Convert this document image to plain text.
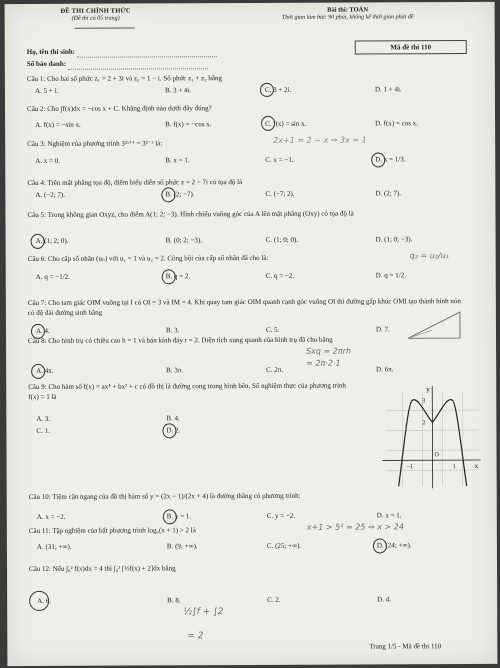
ĐỀ THI CHÍNH THỨC
(Đề thi có 05 trang)
Bài thi: TOÁN
Thời gian làm bài: 90 phút, không kể thời gian phát đề
Họ, tên thí sinh:
Số báo danh:
Mã đề thi 110
Câu 1: Cho hai số phức z₁ = 2 + 3i và z₂ = 1 − i. Số phức z₁ + z₂ bằng
A. 5 + i.	B. 3 + 4i.	C. 3 + 2i.	D. 1 + 4i.
Câu 2: Cho ∫f(x)dx = −cos x + C. Khẳng định nào dưới đây đúng?
A. f(x) = −sin x.	B. f(x) = −cos x.	C. f(x) = sin x.	D. f(x) = cos x.
Câu 3: Nghiệm của phương trình 3²ˣ⁺¹ = 3²⁻ˣ là:	2x+1 = 2 − x ⇒ 3x = 1
A. x = 0.	B. x = 1.	C. x = −1.	D. x = 1/3.
Câu 4: Trên mặt phẳng tọa độ, điểm biểu diễn số phức z = 2 − 7i có tọa độ là
A. (−2; 7).	B. (2; −7).	C. (−7; 2).	D. (2; 7).
Câu 5: Trong không gian Oxyz, cho điểm A(1; 2; −3). Hình chiếu vuông góc của A lên mặt phẳng (Oxy) có tọa độ là
A. (1; 2; 0).	B. (0; 2; −3).	C. (1; 0; 0).	D. (1; 0; −3).
Câu 6: Cho cấp số nhân (uₙ) với u₁ = 1 và u₂ = 2. Công bội của cấp số nhân đã cho là:	q₂ = u₂/u₁
A. q = −1/2.	B. q = 2.	C. q = −2.	D. q = 1/2.
Câu 7: Cho tam giác OIM vuông tại I có OI = 3 và IM = 4. Khi quay tam giác OIM quanh cạnh góc vuông OI thì đường gấp khúc OMI tạo thành hình nón có độ dài đường sinh bằng
A. 4.	B. 3.	C. 5.	D. 7.
Câu 8: Cho hình trụ có chiều cao h = 1 và bán kính đáy r = 2. Diện tích xung quanh của hình trụ đã cho bằng
Sxq = 2πrh
= 2π·2·1
A. 4π.	B. 3π.	C. 2π.	D. 6π.
Câu 9: Cho hàm số f(x) = ax⁴ + bx² + c có đồ thị là đường cong trong hình bên. Số nghiệm thực của phương trình f(x) = 1 là
A. 3.	B. 4.
C. 1.	D. 2.
y
x
3
2
O
−1	1
Câu 10: Tiệm cận ngang của đồ thị hàm số y = (2x − 1)/(2x + 4) là đường thẳng có phương trình:
A. x = −2.	B. y = 1.	C. y = −2.	D. x = 1.
Câu 11: Tập nghiệm của bất phương trình log₅(x + 1) > 2 là	x+1 > 5² = 25 ⇒ x > 24
A. (31; +∞).	B. (9; +∞).	C. (25; +∞).	D. (24; +∞).
Câu 12: Nếu ∫₀² f(x)dx = 4 thì ∫₀² [½f(x) + 2]dx bằng
A. 6.	B. 8.	C. 2.	D. 4.
½∫f + ∫2
= 2
Trang 1/5 - Mã đề thi 110
